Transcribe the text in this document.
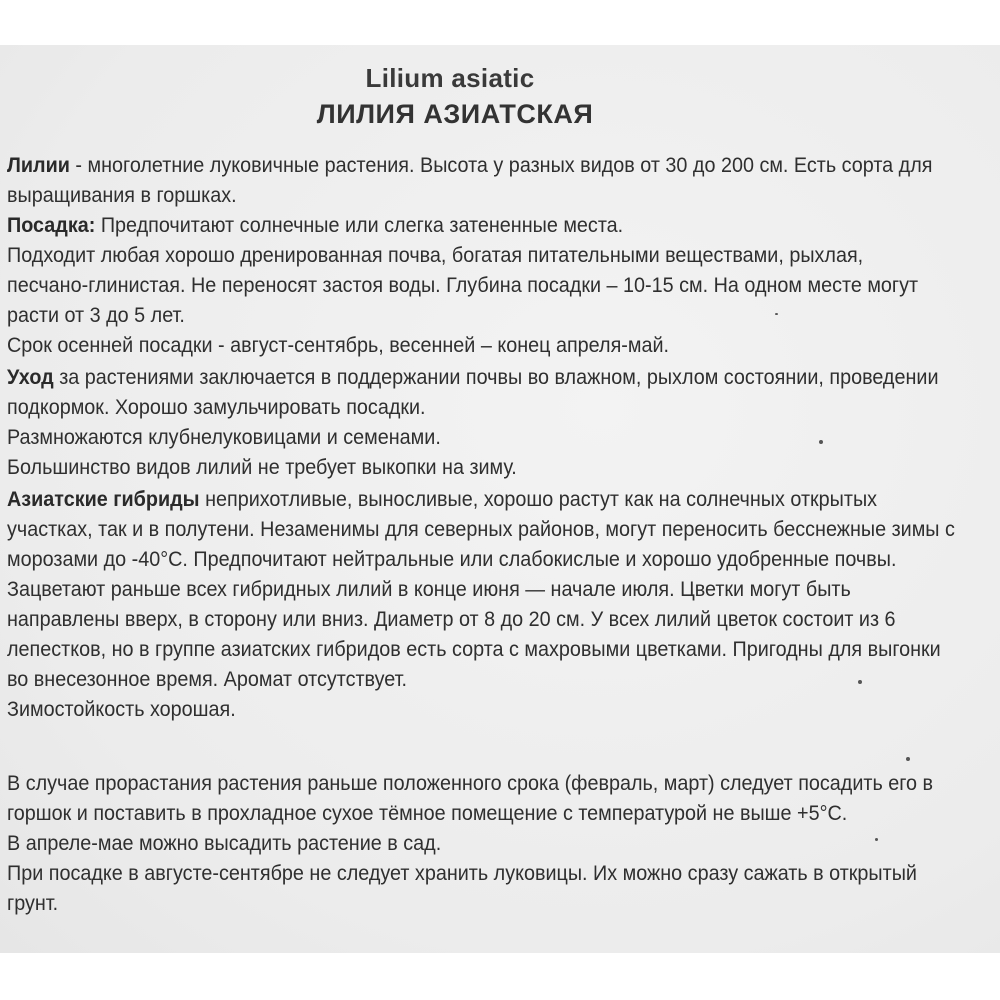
Lilium asiatic
ЛИЛИЯ АЗИАТСКАЯ
Лилии - многолетние луковичные растения. Высота у разных видов от 30 до 200 см. Есть сорта для
выращивания в горшках.
Посадка: Предпочитают солнечные или слегка затененные места.
Подходит любая хорошо дренированная почва, богатая питательными веществами, рыхлая,
песчано-глинистая. Не переносят застоя воды. Глубина посадки – 10-15 см. На одном месте могут
расти от 3 до 5 лет.
Срок осенней посадки - август-сентябрь, весенней – конец апреля-май.
Уход за растениями заключается в поддержании почвы во влажном, рыхлом состоянии, проведении
подкормок. Хорошо замульчировать посадки.
Размножаются клубнелуковицами и семенами.
Большинство видов лилий не требует выкопки на зиму.
Азиатские гибриды неприхотливые, выносливые, хорошо растут как на солнечных открытых
участках, так и в полутени. Незаменимы для северных районов, могут переносить бесснежные зимы с
морозами до -40°С. Предпочитают нейтральные или слабокислые и хорошо удобренные почвы.
Зацветают раньше всех гибридных лилий в конце июня — начале июля. Цветки могут быть
направлены вверх, в сторону или вниз. Диаметр от 8 до 20 см. У всех лилий цветок состоит из 6
лепестков, но в группе азиатских гибридов есть сорта с махровыми цветками. Пригодны для выгонки
во внесезонное время. Аромат отсутствует.
Зимостойкость хорошая.
В случае прорастания растения раньше положенного срока (февраль, март) следует посадить его в
горшок и поставить в прохладное сухое тёмное помещение с температурой не выше +5°С.
В апреле-мае можно высадить растение в сад.
При посадке в августе-сентябре не следует хранить луковицы. Их можно сразу сажать в открытый
грунт.
